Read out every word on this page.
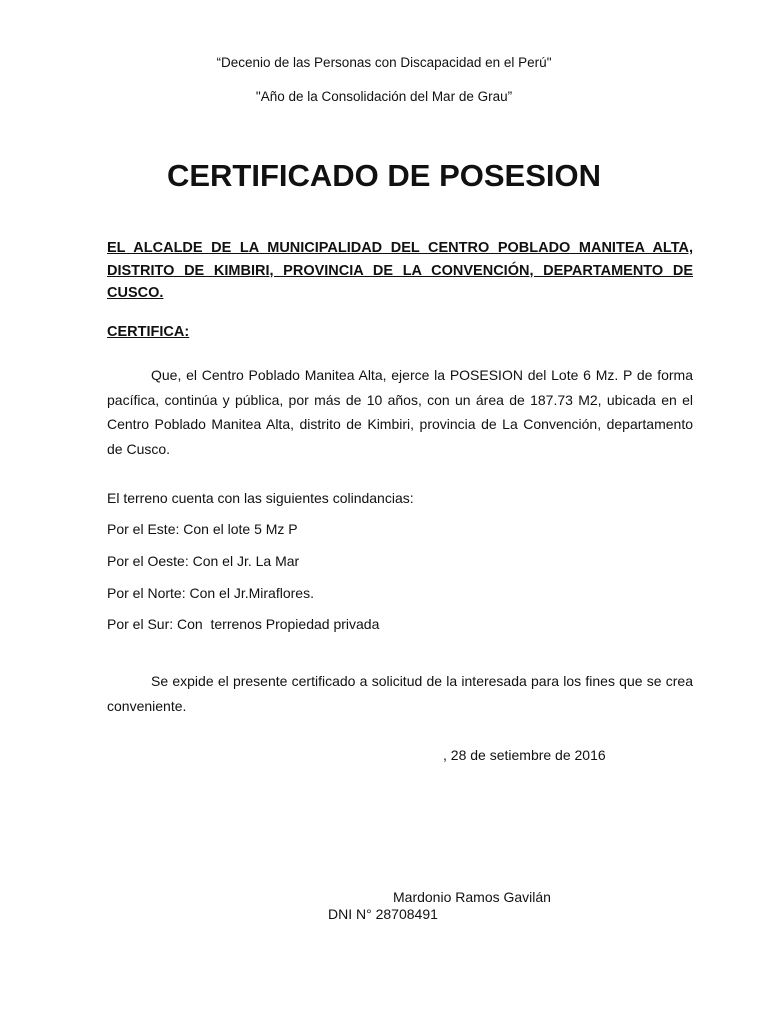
“Decenio de las Personas con Discapacidad en el Perú"
"Año de la Consolidación del Mar de Grau”
CERTIFICADO DE POSESION
EL ALCALDE DE LA MUNICIPALIDAD DEL CENTRO POBLADO MANITEA ALTA,
DISTRITO DE KIMBIRI, PROVINCIA DE LA CONVENCIÓN, DEPARTAMENTO DE
CUSCO.
CERTIFICA:
Que, el Centro Poblado Manitea Alta, ejerce la POSESION del Lote 6 Mz. P de forma pacífica, continúa y pública, por más de 10 años, con un área de 187.73 M2, ubicada en el Centro Poblado Manitea Alta, distrito de Kimbiri, provincia de La Convención, departamento de Cusco.
El terreno cuenta con las siguientes colindancias:
Por el Este: Con el lote 5 Mz P
Por el Oeste: Con el Jr. La Mar
Por el Norte: Con el Jr.Miraflores.
Por el Sur: Con  terrenos Propiedad privada
Se expide el presente certificado a solicitud de la interesada para los fines que se crea conveniente.
, 28 de setiembre de 2016
Mardonio Ramos Gavilán
DNI N° 28708491
